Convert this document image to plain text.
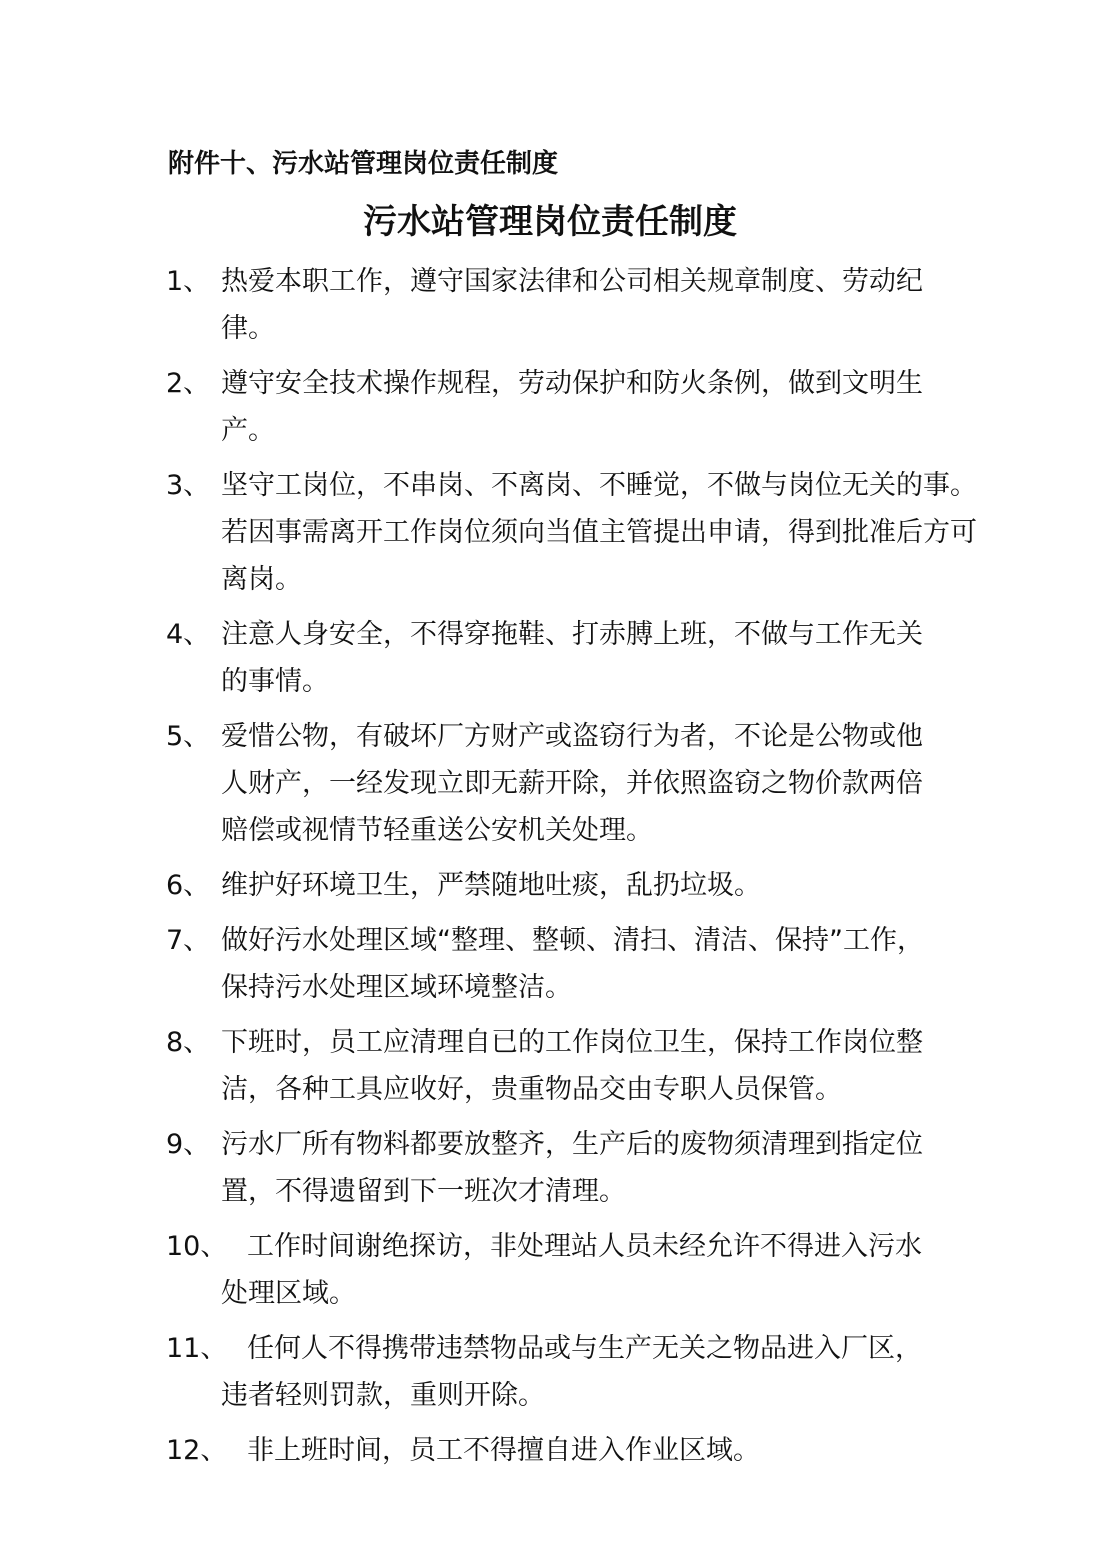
附件十、污水站管理岗位责任制度
污水站管理岗位责任制度
1、 热爱本职工作，遵守国家法律和公司相关规章制度、劳动纪
律。
2、 遵守安全技术操作规程，劳动保护和防火条例，做到文明生
产。
3、 坚守工岗位，不串岗、不离岗、不睡觉，不做与岗位无关的事。
若因事需离开工作岗位须向当值主管提出申请，得到批准后方可
离岗。
4、 注意人身安全，不得穿拖鞋、打赤膊上班，不做与工作无关
的事情。
5、 爱惜公物，有破坏厂方财产或盗窃行为者，不论是公物或他
人财产，一经发现立即无薪开除，并依照盗窃之物价款两倍
赔偿或视情节轻重送公安机关处理。
6、 维护好环境卫生，严禁随地吐痰，乱扔垃圾。
7、 做好污水处理区域“整理、整顿、清扫、清洁、保持”工作，
保持污水处理区域环境整洁。
8、 下班时，员工应清理自已的工作岗位卫生，保持工作岗位整
洁，各种工具应收好，贵重物品交由专职人员保管。
9、 污水厂所有物料都要放整齐，生产后的废物须清理到指定位
置，不得遗留到下一班次才清理。
10、 工作时间谢绝探访，非处理站人员未经允许不得进入污水
处理区域。
11、 任何人不得携带违禁物品或与生产无关之物品进入厂区，
违者轻则罚款，重则开除。
12、 非上班时间，员工不得擅自进入作业区域。
